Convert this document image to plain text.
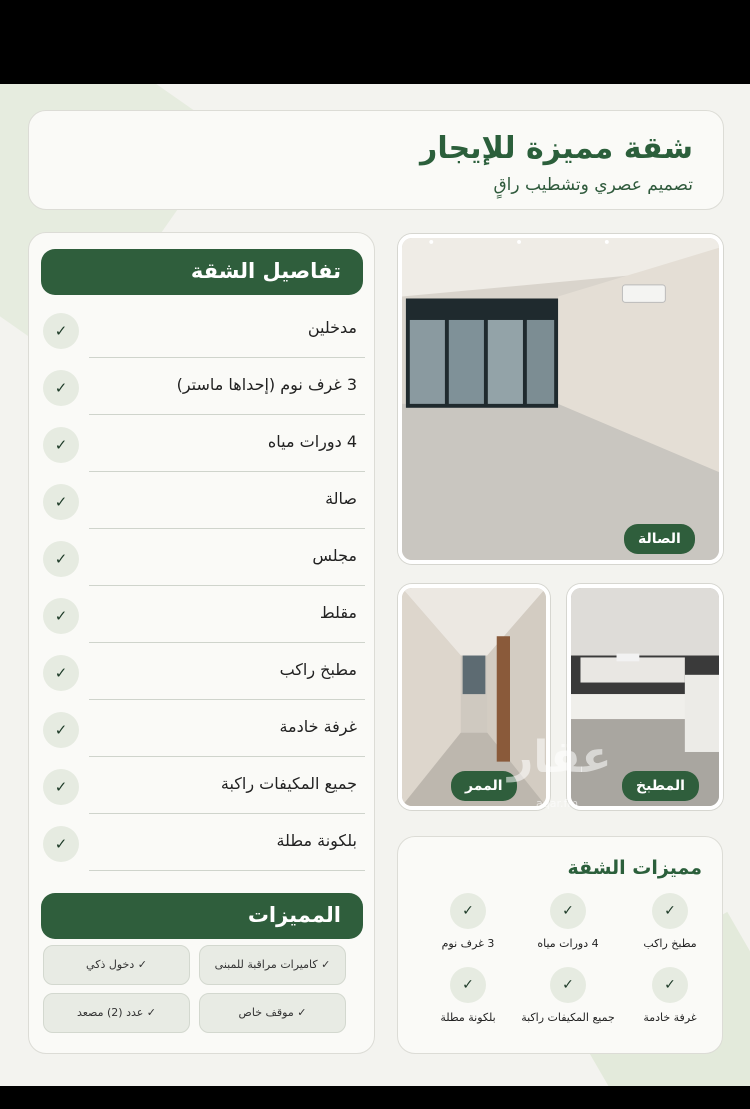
شقة مميزة للإيجار
تصميم عصري وتشطيب راقٍ
تفاصيل الشقة
✓	مدخلين
✓	3 غرف نوم (إحداها ماستر)
✓	4 دورات مياه
✓	صالة
✓	مجلس
✓	مقلط
✓	مطبخ راكب
✓	غرفة خادمة
✓	جميع المكيفات راكبة
✓	بلكونة مطلة
المميزات
✓ كاميرات مراقبة للمبنى
✓ دخول ذكي
✓ موقف خاص
✓ عدد (2) مصعد
الصالة
المطبخ
الممر
عقار
aqar.fm
مميزات الشقة
✓
مطبخ راكب
✓
4 دورات مياه
✓
3 غرف نوم
✓
غرفة خادمة
✓
جميع المكيفات راكبة
✓
بلكونة مطلة
